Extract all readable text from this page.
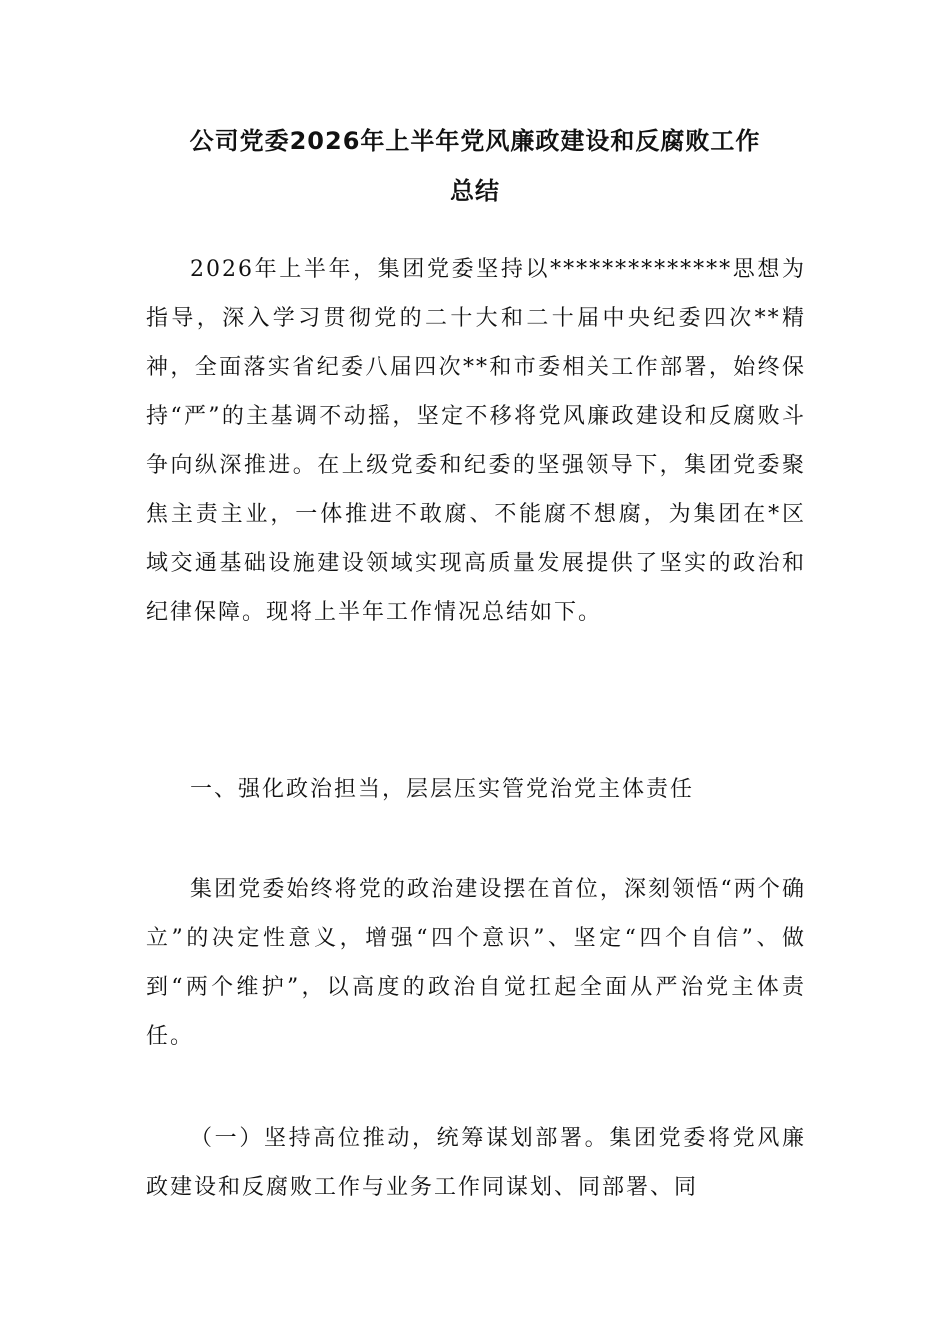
公司党委2026年上半年党风廉政建设和反腐败工作
总结

2026年上半年，集团党委坚持以**************思想为指导，深入学习贯彻党的二十大和二十届中央纪委四次**精神，全面落实省纪委八届四次**和市委相关工作部署，始终保持“严”的主基调不动摇，坚定不移将党风廉政建设和反腐败斗争向纵深推进。在上级党委和纪委的坚强领导下，集团党委聚焦主责主业，一体推进不敢腐、不能腐不想腐，为集团在*区域交通基础设施建设领域实现高质量发展提供了坚实的政治和纪律保障。现将上半年工作情况总结如下。

一、强化政治担当，层层压实管党治党主体责任

集团党委始终将党的政治建设摆在首位，深刻领悟“两个确立”的决定性意义，增强“四个意识”、坚定“四个自信”、做到“两个维护”，以高度的政治自觉扛起全面从严治党主体责任。

（一）坚持高位推动，统筹谋划部署。集团党委将党风廉政建设和反腐败工作与业务工作同谋划、同部署、同
